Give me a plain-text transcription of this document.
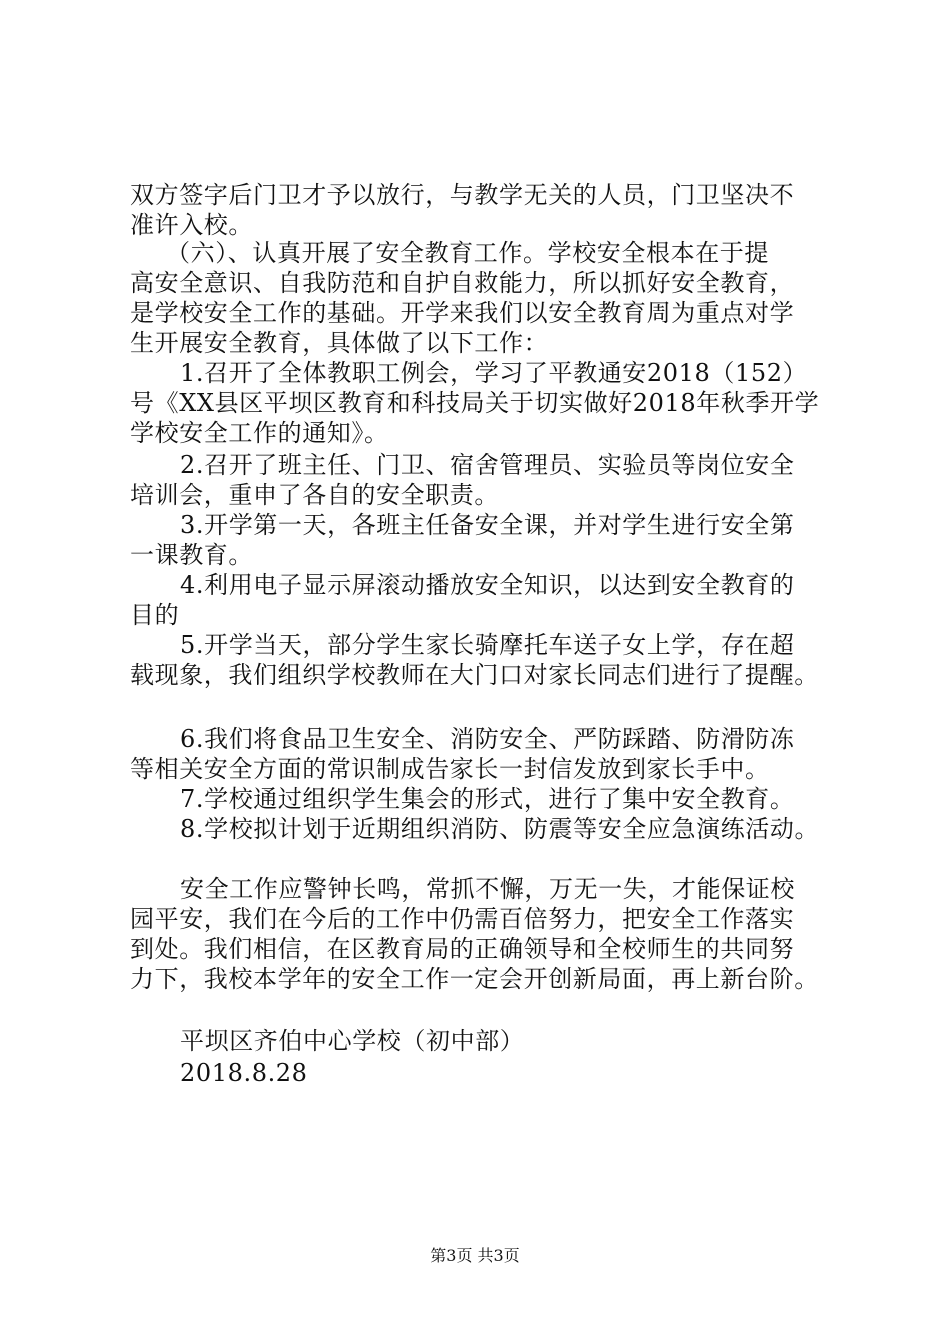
双方签字后门卫才予以放行，与教学无关的人员，门卫坚决不
准许入校。
（六）、认真开展了安全教育工作。学校安全根本在于提
高安全意识、自我防范和自护自救能力，所以抓好安全教育，
是学校安全工作的基础。开学来我们以安全教育周为重点对学
生开展安全教育，具体做了以下工作：
1.召开了全体教职工例会，学习了平教通安2018（152）
号《XX县区平坝区教育和科技局关于切实做好2018年秋季开学
学校安全工作的通知》。
2.召开了班主任、门卫、宿舍管理员、实验员等岗位安全
培训会，重申了各自的安全职责。
3.开学第一天，各班主任备安全课，并对学生进行安全第
一课教育。
4.利用电子显示屏滚动播放安全知识，以达到安全教育的
目的
5.开学当天，部分学生家长骑摩托车送子女上学，存在超
载现象，我们组织学校教师在大门口对家长同志们进行了提醒。
6.我们将食品卫生安全、消防安全、严防踩踏、防滑防冻
等相关安全方面的常识制成告家长一封信发放到家长手中。
7.学校通过组织学生集会的形式，进行了集中安全教育。
8.学校拟计划于近期组织消防、防震等安全应急演练活动。
安全工作应警钟长鸣，常抓不懈，万无一失，才能保证校
园平安，我们在今后的工作中仍需百倍努力，把安全工作落实
到处。我们相信，在区教育局的正确领导和全校师生的共同努
力下，我校本学年的安全工作一定会开创新局面，再上新台阶。
平坝区齐伯中心学校（初中部）
2018.8.28
第3页 共3页
